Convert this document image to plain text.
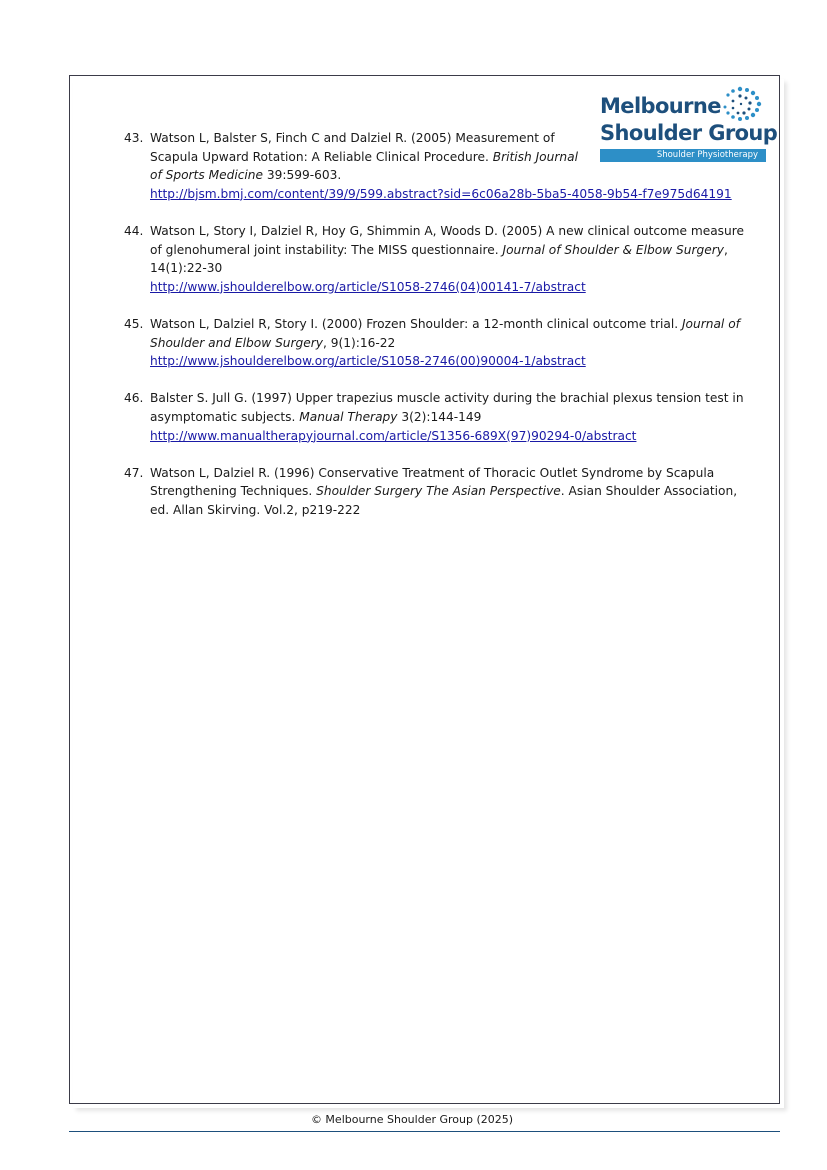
Melbourne
Shoulder Group
Shoulder Physiotherapy
43. Watson L, Balster S, Finch C and Dalziel R. (2005) Measurement of Scapula Upward Rotation: A Reliable Clinical Procedure. British Journal of Sports Medicine 39:599-603.
http://bjsm.bmj.com/content/39/9/599.abstract?sid=6c06a28b-5ba5-4058-9b54-f7e975d64191
44. Watson L, Story I, Dalziel R, Hoy G, Shimmin A, Woods D. (2005) A new clinical outcome measure of glenohumeral joint instability: The MISS questionnaire. Journal of Shoulder & Elbow Surgery, 14(1):22-30
http://www.jshoulderelbow.org/article/S1058-2746(04)00141-7/abstract
45. Watson L, Dalziel R, Story I. (2000) Frozen Shoulder: a 12-month clinical outcome trial. Journal of Shoulder and Elbow Surgery, 9(1):16-22
http://www.jshoulderelbow.org/article/S1058-2746(00)90004-1/abstract
46. Balster S. Jull G. (1997) Upper trapezius muscle activity during the brachial plexus tension test in asymptomatic subjects. Manual Therapy 3(2):144-149
http://www.manualtherapyjournal.com/article/S1356-689X(97)90294-0/abstract
47. Watson L, Dalziel R. (1996) Conservative Treatment of Thoracic Outlet Syndrome by Scapula Strengthening Techniques. Shoulder Surgery The Asian Perspective. Asian Shoulder Association, ed. Allan Skirving. Vol.2, p219-222
© Melbourne Shoulder Group (2025)
